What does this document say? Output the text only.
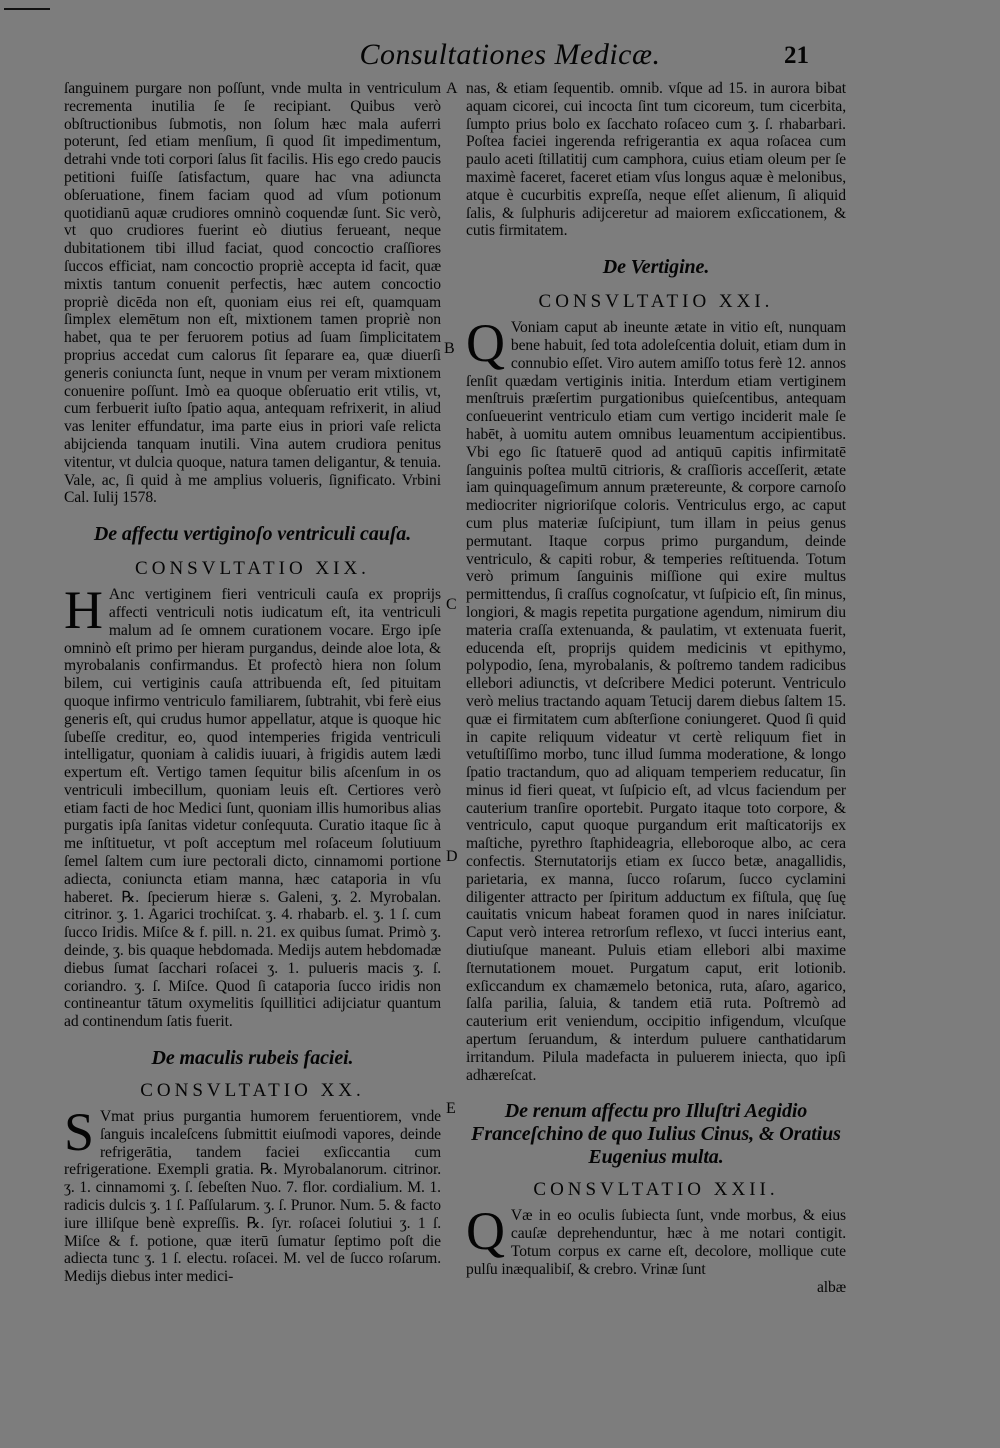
Consultationes Medicæ.	21

ſanguinem purgare non poſſunt, vnde multa in ventriculum recrementa inutilia ſe ſe recipiant. Quibus verò obſtructionibus ſubmotis, non ſolum hæc mala auferri poterunt, ſed etiam menſium, ſi quod ſit impedimentum, detrahi vnde toti corpori ſalus ſit facilis. His ego credo paucis petitioni fuiſſe ſatisfactum, quare hac vna adiuncta obſeruatione, finem faciam quod ad vſum potionum quotidianū aquæ crudiores omninò coquendæ ſunt. Sic verò, vt quo crudiores fuerint eò diutius ferueant, neque dubitationem tibi illud faciat, quod concoctio craſſiores ſuccos efficiat, nam concoctio propriè accepta id facit, quæ mixtis tantum conuenit perfectis, hæc autem concoctio propriè dicēda non eſt, quoniam eius rei eſt, quamquam ſimplex elemētum non eſt, mixtionem tamen propriè non habet, qua te per feruorem potius ad ſuam ſimplicitatem proprius accedat cum calorus ſit ſeparare ea, quæ diuerſi generis coniuncta ſunt, neque in vnum per veram mixtionem conuenire poſſunt. Imò ea quoque obſeruatio erit vtilis, vt, cum ferbuerit iuſto ſpatio aqua, antequam refrixerit, in aliud vas leniter effundatur, ima parte eius in priori vaſe relicta abijcienda tanquam inutili. Vina autem crudiora penitus vitentur, vt dulcia quoque, natura tamen deligantur, & tenuia. Vale, ac, ſi quid à me amplius volueris, ſignificato. Vrbini Cal. Iulij 1578.

De affectu vertiginoſo ventriculi cauſa.
CONSVLTATIO XIX.

H Anc vertiginem fieri ventriculi cauſa ex proprijs affecti ventriculi notis iudicatum eſt, ita ventriculi malum ad ſe omnem curationem vocare. Ergo ipſe omninò eſt primo per hieram purgandus, deinde aloe lota, & myrobalanis confirmandus. Et profectò hiera non ſolum bilem, cui vertiginis cauſa attribuenda eſt, ſed pituitam quoque infirmo ventriculo familiarem, ſubtrahit, vbi ferè eius generis eſt, qui crudus humor appellatur, atque is quoque hic ſubeſſe creditur, eo, quod intemperies frigida ventriculi intelligatur, quoniam à calidis iuuari, à frigidis autem lædi expertum eſt. Vertigo tamen ſequitur bilis aſcenſum in os ventriculi imbecillum, quoniam leuis eſt. Certiores verò etiam facti de hoc Medici ſunt, quoniam illis humoribus alias purgatis ipſa ſanitas videtur conſequuta. Curatio itaque ſic à me inſtituetur, vt poſt acceptum mel roſaceum ſolutiuum ſemel ſaltem cum iure pectorali dicto, cinnamomi portione adiecta, coniuncta etiam manna, hæc cataporia in vſu haberet. ℞. ſpecierum hieræ s. Galeni, ʒ. 2. Myrobalan. citrinor. ʒ. 1. Agarici trochiſcat. ʒ. 4. rhabarb. el. ʒ. 1 ſ. cum ſucco Iridis. Miſce & f. pill. n. 21. ex quibus ſumat. Primò ʒ. deinde, ʒ. bis quaque hebdomada. Medijs autem hebdomadæ diebus ſumat ſacchari roſacei ʒ. 1. pulueris macis ʒ. ſ. coriandro. ʒ. ſ. Miſce. Quod ſi cataporia ſucco iridis non contineantur tātum oxymelitis ſquillitici adijciatur quantum ad continendum ſatis fuerit.

De maculis rubeis faciei.
CONSVLTATIO XX.

S Vmat prius purgantia humorem feruentiorem, vnde ſanguis incaleſcens ſubmittit eiuſmodi vapores, deinde refrigerātia, tandem faciei exſiccantia cum refrigeratione. Exempli gratia. ℞. Myrobalanorum. citrinor. ʒ. 1. cinnamomi ʒ. ſ. ſebeſten Nuo. 7. flor. cordialium. M. 1. radicis dulcis ʒ. 1 ſ. Paſſularum. ʒ. ſ. Prunor. Num. 5. & facto iure illiſque benè expreſſis. ℞. ſyr. roſacei ſolutiui ʒ. 1 ſ. Miſce & f. potione, quæ iterū ſumatur ſeptimo poſt die adiecta tunc ʒ. 1 ſ. electu. roſacei. M. vel de ſucco roſarum. Medijs diebus inter medici-

A
B
C
D
E

nas, & etiam ſequentib. omnib. vſque ad 15. in aurora bibat aquam cicorei, cui incocta ſint tum cicoreum, tum cicerbita, ſumpto prius bolo ex ſacchato roſaceo cum ʒ. ſ. rhabarbari. Poſtea faciei ingerenda refrigerantia ex aqua roſacea cum paulo aceti ſtillatitij cum camphora, cuius etiam oleum per ſe maximè faceret, faceret etiam vſus longus aquæ è melonibus, atque è cucurbitis expreſſa, neque eſſet alienum, ſi aliquid ſalis, & ſulphuris adijceretur ad maiorem exſiccationem, & cutis firmitatem.

De Vertigine.
CONSVLTATIO XXI.

Q Voniam caput ab ineunte ætate in vitio eſt, nunquam bene habuit, ſed tota adoleſcentia doluit, etiam dum in connubio eſſet. Viro autem amiſſo totus ferè 12. annos ſenſit quædam vertiginis initia. Interdum etiam vertiginem menſtruis præſertim purgationibus quieſcentibus, antequam conſueuerint ventriculo etiam cum vertigo inciderit male ſe habēt, à uomitu autem omnibus leuamentum accipientibus. Vbi ego ſic ſtatuerē quod ad antiquū capitis infirmitatē ſanguinis poſtea multū citrioris, & craſſioris acceſſerit, ætate iam quinquageſimum annum prætereunte, & corpore carnoſo mediocriter nigrioriſque coloris. Ventriculus ergo, ac caput cum plus materiæ ſuſcipiunt, tum illam in peius genus permutant. Itaque corpus primo purgandum, deinde ventriculo, & capiti robur, & temperies reſtituenda. Totum verò primum ſanguinis miſſione qui exire multus permittendus, ſi craſſus cognoſcatur, vt ſuſpicio eſt, ſin minus, longiori, & magis repetita purgatione agendum, nimirum diu materia craſſa extenuanda, & paulatim, vt extenuata fuerit, educenda eſt, proprijs quidem medicinis vt epithymo, polypodio, ſena, myrobalanis, & poſtremo tandem radicibus ellebori adiunctis, vt deſcribere Medici poterunt. Ventriculo verò melius tractando aquam Tetucij darem diebus ſaltem 15. quæ ei firmitatem cum abſterſione coniungeret. Quod ſi quid in capite reliquum videatur vt certè reliquum fiet in vetuſtiſſimo morbo, tunc illud ſumma moderatione, & longo ſpatio tractandum, quo ad aliquam temperiem reducatur, ſin minus id fieri queat, vt ſuſpicio eſt, ad vlcus faciendum per cauterium tranſire oportebit. Purgato itaque toto corpore, & ventriculo, caput quoque purgandum erit maſticatorijs ex maſtiche, pyrethro ſtaphideagria, elleboroque albo, ac cera confectis. Sternutatorijs etiam ex ſucco betæ, anagallidis, parietaria, ex manna, ſucco roſarum, ſucco cyclamini diligenter attracto per ſpiritum adductum ex fiſtula, quę ſuę cauitatis vnicum habeat foramen quod in nares iniſciatur. Caput verò interea retrorſum reflexo, vt ſucci interius eant, diutiuſque maneant. Puluis etiam ellebori albi maxime ſternutationem mouet. Purgatum caput, erit lotionib. exſiccandum ex chamæmelo betonica, ruta, aſaro, agarico, ſalſa parilia, ſaluia, & tandem etiā ruta. Poſtremò ad cauterium erit veniendum, occipitio infigendum, vlcuſque apertum ſeruandum, & interdum puluere canthatidarum irritandum. Pilula madefacta in puluerem iniecta, quo ipſi adhæreſcat.

De renum affectu pro Illuſtri Aegidio Franceſchino de quo Iulius Cinus, & Oratius Eugenius multa.
CONSVLTATIO XXII.

Q Væ in eo oculis ſubiecta ſunt, vnde morbus, & eius cauſæ deprehenduntur, hæc à me notari contigit. Totum corpus ex carne eſt, decolore, mollique cute pulſu inæqualibiſ, & crebro. Vrinæ ſunt

albæ
